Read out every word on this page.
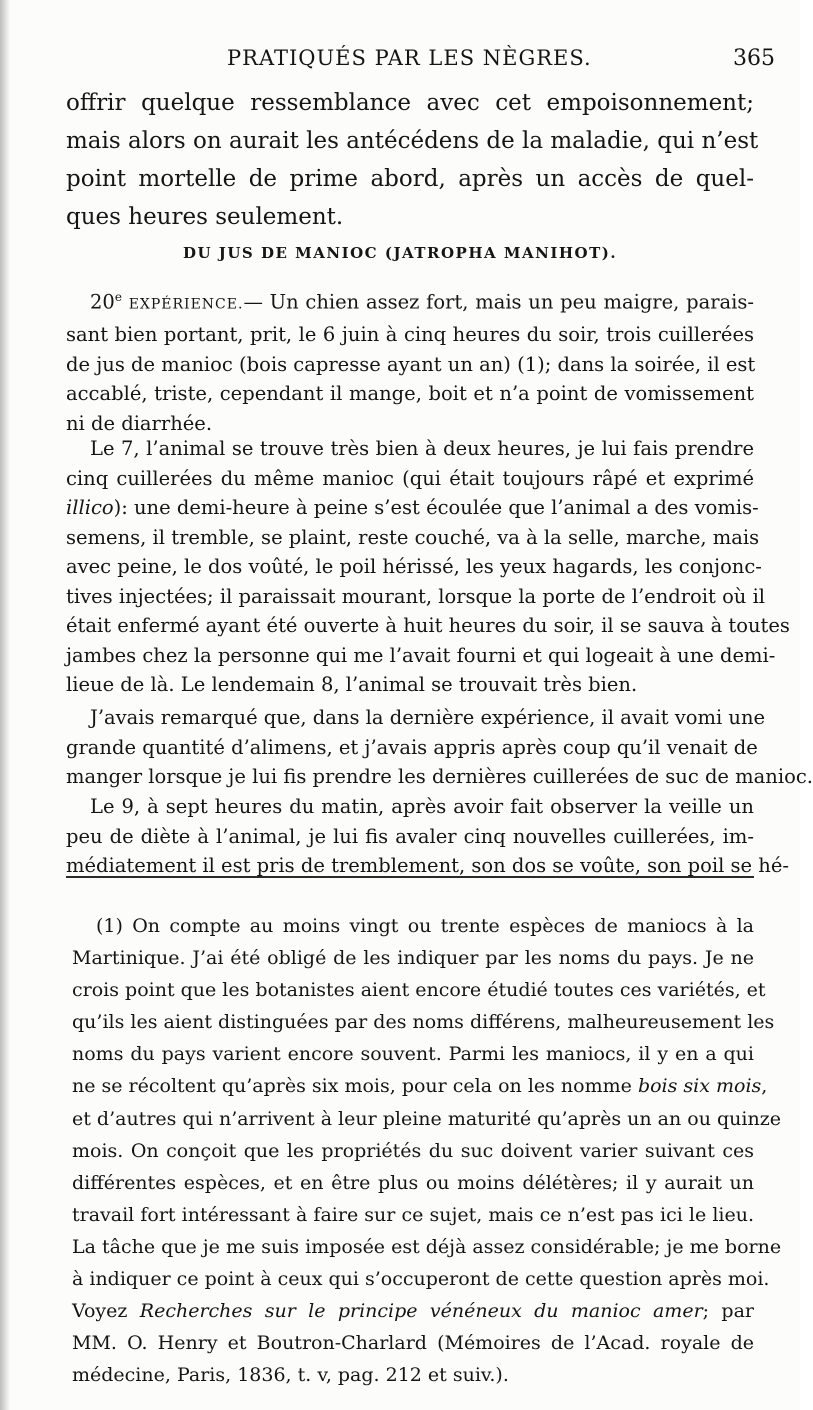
PRATIQUÉS PAR LES NÈGRES.	365
offrir quelque ressemblance avec cet empoisonnement;
mais alors on aurait les antécédens de la maladie, qui n’est
point mortelle de prime abord, après un accès de quel-
ques heures seulement.
DU JUS DE MANIOC (JATROPHA MANIHOT).
20e EXPÉRIENCE.— Un chien assez fort, mais un peu maigre, parais-
sant bien portant, prit, le 6 juin à cinq heures du soir, trois cuillerées
de jus de manioc (bois capresse ayant un an) (1); dans la soirée, il est
accablé, triste, cependant il mange, boit et n’a point de vomissement
ni de diarrhée.
Le 7, l’animal se trouve très bien à deux heures, je lui fais prendre
cinq cuillerées du même manioc (qui était toujours râpé et exprimé
illico): une demi-heure à peine s’est écoulée que l’animal a des vomis-
semens, il tremble, se plaint, reste couché, va à la selle, marche, mais
avec peine, le dos voûté, le poil hérissé, les yeux hagards, les conjonc-
tives injectées; il paraissait mourant, lorsque la porte de l’endroit où il
était enfermé ayant été ouverte à huit heures du soir, il se sauva à toutes
jambes chez la personne qui me l’avait fourni et qui logeait à une demi-
lieue de là. Le lendemain 8, l’animal se trouvait très bien.
J’avais remarqué que, dans la dernière expérience, il avait vomi une
grande quantité d’alimens, et j’avais appris après coup qu’il venait de
manger lorsque je lui fis prendre les dernières cuillerées de suc de manioc.
Le 9, à sept heures du matin, après avoir fait observer la veille un
peu de diète à l’animal, je lui fis avaler cinq nouvelles cuillerées, im-
médiatement il est pris de tremblement, son dos se voûte, son poil se hé-
(1) On compte au moins vingt ou trente espèces de maniocs à la
Martinique. J’ai été obligé de les indiquer par les noms du pays. Je ne
crois point que les botanistes aient encore étudié toutes ces variétés, et
qu’ils les aient distinguées par des noms différens, malheureusement les
noms du pays varient encore souvent. Parmi les maniocs, il y en a qui
ne se récoltent qu’après six mois, pour cela on les nomme bois six mois,
et d’autres qui n’arrivent à leur pleine maturité qu’après un an ou quinze
mois. On conçoit que les propriétés du suc doivent varier suivant ces
différentes espèces, et en être plus ou moins délétères; il y aurait un
travail fort intéressant à faire sur ce sujet, mais ce n’est pas ici le lieu.
La tâche que je me suis imposée est déjà assez considérable; je me borne
à indiquer ce point à ceux qui s’occuperont de cette question après moi.
Voyez Recherches sur le principe vénéneux du manioc amer; par
MM. O. Henry et Boutron-Charlard (Mémoires de l’Acad. royale de
médecine, Paris, 1836, t. v, pag. 212 et suiv.).
